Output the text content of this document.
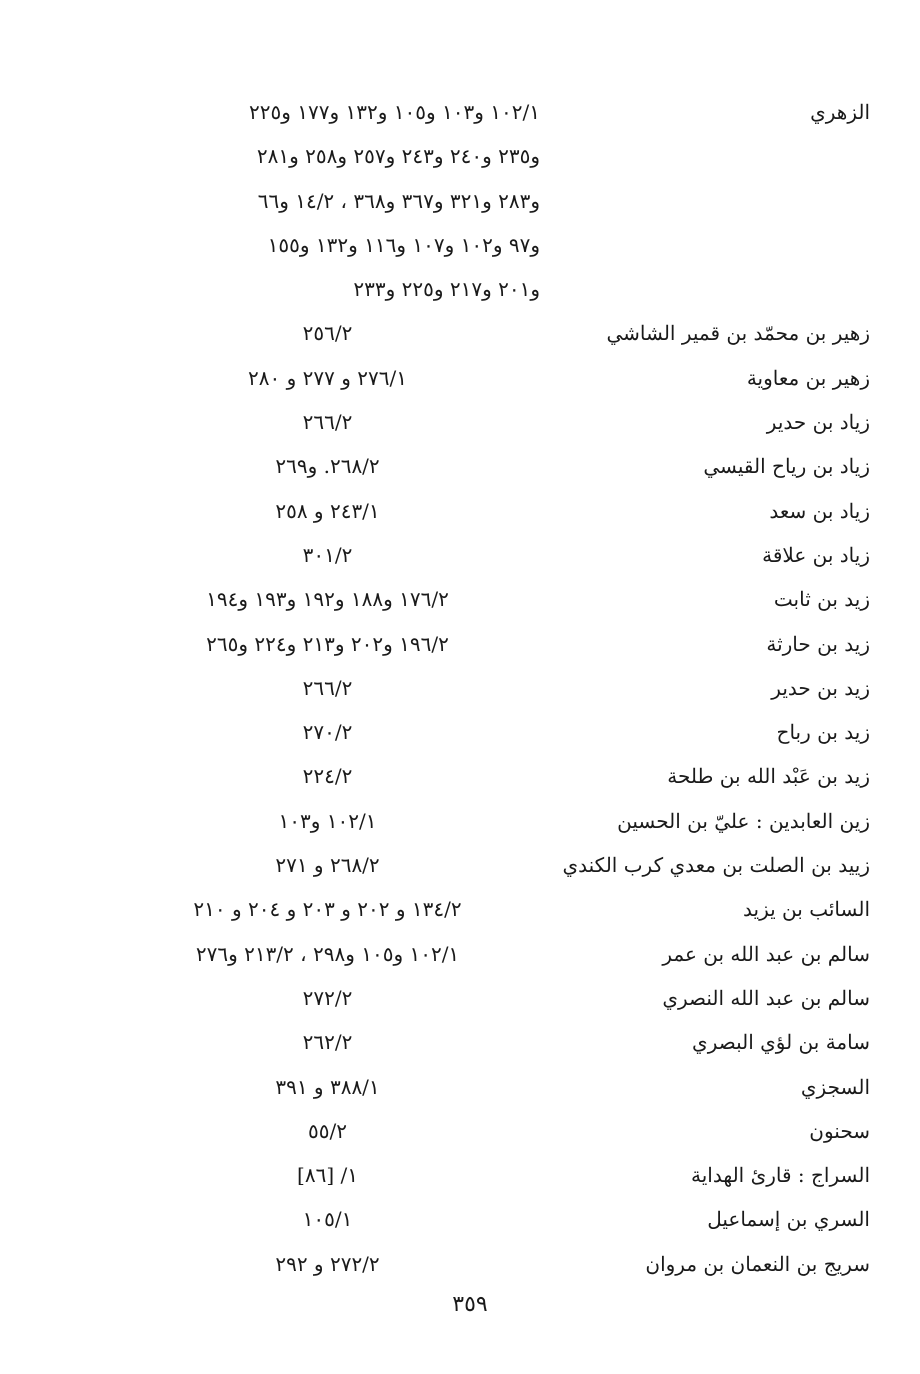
الزهري
١٠٢/١ و١٠٣ و١٠٥ و١٣٢ و١٧٧ و٢٢٥
و٢٣٥ و٢٤٠ و٢٤٣ و٢٥٧ و٢٥٨ و٢٨١
و٢٨٣ و٣٢١ و٣٦٧ و٣٦٨ ، ١٤/٢ و٦٦
و٩٧ و١٠٢ و١٠٧ و١١٦ و١٣٢ و١٥٥
و٢٠١ و٢١٧ و٢٢٥ و٢٣٣
زهير بن محمّد بن قمير الشاشي
٢٥٦/٢
زهير بن معاوية
٢٧٦/١ و ٢٧٧ و ٢٨٠
زياد بن حدير
٢٦٦/٢
زياد بن رياح القيسي
٢٦٨/٢. و٢٦٩
زياد بن سعد
٢٤٣/١ و ٢٥٨
زياد بن علاقة
٣٠١/٢
زيد بن ثابت
١٧٦/٢ و١٨٨ و١٩٢ و١٩٣ و١٩٤
زيد بن حارثة
١٩٦/٢ و٢٠٢ و٢١٣ و٢٢٤ و٢٦٥
زيد بن حدير
٢٦٦/٢
زيد بن رباح
٢٧٠/٢
زيد بن عَبْد الله بن طلحة
٢٢٤/٢
زين العابدين : عليّ بن الحسين
١٠٢/١ و١٠٣
زييد بن الصلت بن معدي كرب الكندي
٢٦٨/٢ و ٢٧١
السائب بن يزيد
١٣٤/٢ و ٢٠٢ و ٢٠٣ و ٢٠٤ و ٢١٠
سالم بن عبد الله بن عمر
١٠٢/١ و١٠٥ و٢٩٨ ، ٢١٣/٢ و٢٧٦
سالم بن عبد الله النصري
٢٧٢/٢
سامة بن لؤي البصري
٢٦٢/٢
السجزي
٣٨٨/١ و ٣٩١
سحنون
٥٥/٢
السراج : قارئ الهداية
١/ [٨٦]
السري بن إسماعيل
١٠٥/١
سريج بن النعمان بن مروان
٢٧٢/٢ و ٢٩٢
٣٥٩
